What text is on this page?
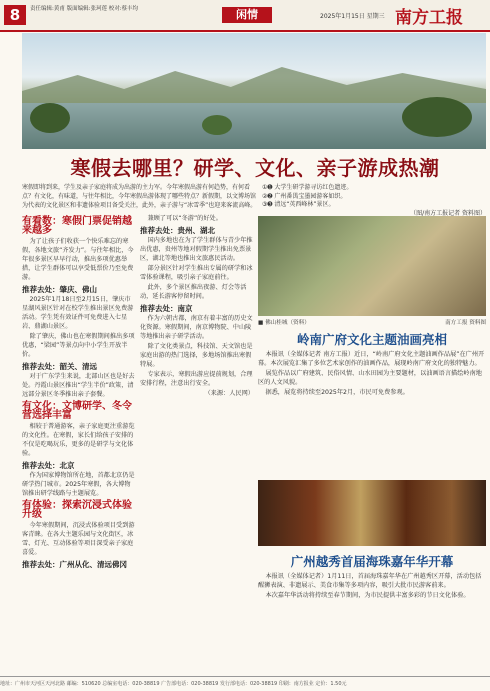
8	责任编辑:黄甫 版面编辑:张珂莲 校对:蔡丰均	闲情	2025年1月15日 星期三 南方工报
寒假去哪里？研学、文化、亲子游成热潮
寒假即将到来，学生及亲子家庭将成为出游的主力军。今年寒假出游有何趋势，有何看点？有文化，有味道，与往年相比，今年寒假出游体现了哪些特点？新假期，以文博场馆为代表的文化景区和非遗体验项目备受关注，此外，亲子游与“冰雪季”也迎来客流高峰。
①➊ 大学生研学游寻访红色遗迹。
②➋ 广州番禺宝墨园游客如织。
③➌ 清远“英西峰林”景区。
（图/南方工报记者 资料图）
有看数：寒假门票促销越来越多

为了让孩子们收获一个快乐难忘的寒假，各地文旅“齐发力”。与往年相比，今年很多景区早早行动，推出多项优惠举措，让学生群体可以享受低票价乃至免费游。

推荐去处：肇庆、佛山

2025年1月18日至2月15日，肇庆市星湖风景区针对在校学生推出景区免费游活动。学生凭有效证件可免费进入七星岩、鼎湖山景区。

除了肇庆，佛山也在寒假期间推出多项优惠，“梁园”等景点向中小学生开放半价。

推荐去处：韶关、清远

对于广东学生来说，北部山区也是好去处。丹霞山景区推出“学生半价”政策，清远部分景区冬季推出亲子套餐。

有文化：文博研学、冬令营选择丰富

相较于普通游客，亲子家庭更注重游览的文化性。在寒假，家长们给孩子安排的不仅是吃喝玩乐，更多的是研学与文化体验。

推荐去处：北京

作为国家博物馆所在地，首都北京仍是研学热门城市。2025年寒假，各大博物馆推出研学线路与主题展览。

有体验：探索沉浸式体验升级

今年寒假期间，沉浸式体验项目受到游客青睐。在各大主题乐园与文化街区，冰雪、灯光、互动体验等项目深受亲子家庭喜爱。

推荐去处：广州从化、清远佛冈

兼顾了可以“冬游”的好处。

推荐去处：贵州、湖北

国内多地也在为了学生群体与青少年推出优惠，贵州等地对假期学生推出免票景区，湖北等地也推出文旅惠民活动。

部分景区针对学生推出专属的研学和冰雪体验课程，吸引亲子家庭前往。

此外，多个景区推出夜游、灯会等活动，延长游客停留时间。

推荐去处：南京

作为六朝古都，南京有着丰富的历史文化资源。寒假期间，南京博物院、中山陵等地推出亲子研学活动。

除了文化类景点，科技馆、天文馆也是家庭出游的热门选择，多地场馆推出寒假特展。

专家表示，寒假出游应提前规划，合理安排行程，注意出行安全。

（来源：人民网）

■ 佛山桂城（资料）	南方工报 资料图
岭南广府文化主题油画亮相

本报讯（全媒体记者 南方工报）近日，“岭南广府文化主题油画作品展”在广州开幕。本次展览汇集了多位艺术家创作的油画作品，展现岭南广府文化的独特魅力。

展览作品以广府建筑、民俗风情、山水田园为主要题材，以油画语言描绘岭南地区的人文风貌。

据悉，展览将持续至2025年2月，市民可免费参观。

广州越秀首届海珠嘉年华开幕

本报讯（全媒体记者）1月11日，首届海珠嘉年华在广州越秀区开幕，活动包括醒狮表演、非遗展示、美食市集等多项内容，吸引大批市民游客前来。

本次嘉年华活动将持续至春节期间，为市民提供丰富多彩的节日文化体验。

地址：广州市天河区天河北路 邮编：510620 总编室电话：020-38819 广告部电话：020-38819 发行部电话：020-38819 印刷：南方报业 定价：1.50元
